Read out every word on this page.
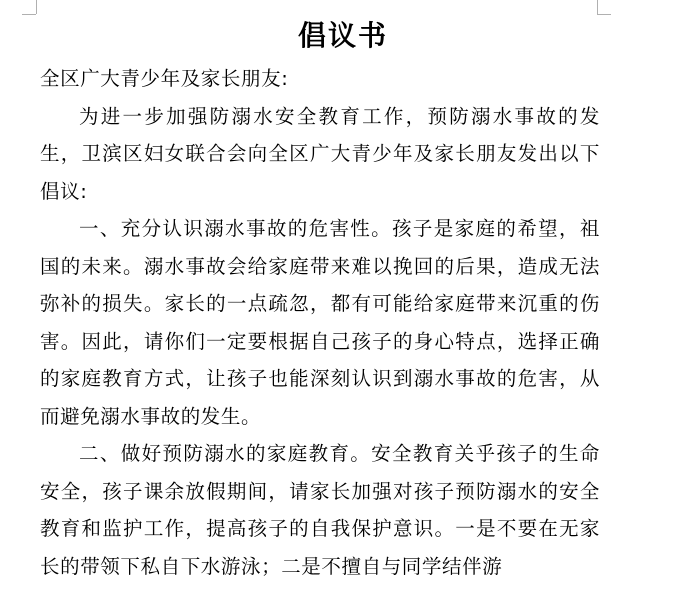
倡议书

全区广大青少年及家长朋友:

为进一步加强防溺水安全教育工作，预防溺水事故的发生，卫滨区妇女联合会向全区广大青少年及家长朋友发出以下倡议:

一、充分认识溺水事故的危害性。孩子是家庭的希望，祖国的未来。溺水事故会给家庭带来难以挽回的后果，造成无法弥补的损失。家长的一点疏忽，都有可能给家庭带来沉重的伤害。因此，请你们一定要根据自己孩子的身心特点，选择正确的家庭教育方式，让孩子也能深刻认识到溺水事故的危害，从而避免溺水事故的发生。

二、做好预防溺水的家庭教育。安全教育关乎孩子的生命安全，孩子课余放假期间，请家长加强对孩子预防溺水的安全教育和监护工作，提高孩子的自我保护意识。一是不要在无家长的带领下私自下水游泳；二是不擅自与同学结伴游
